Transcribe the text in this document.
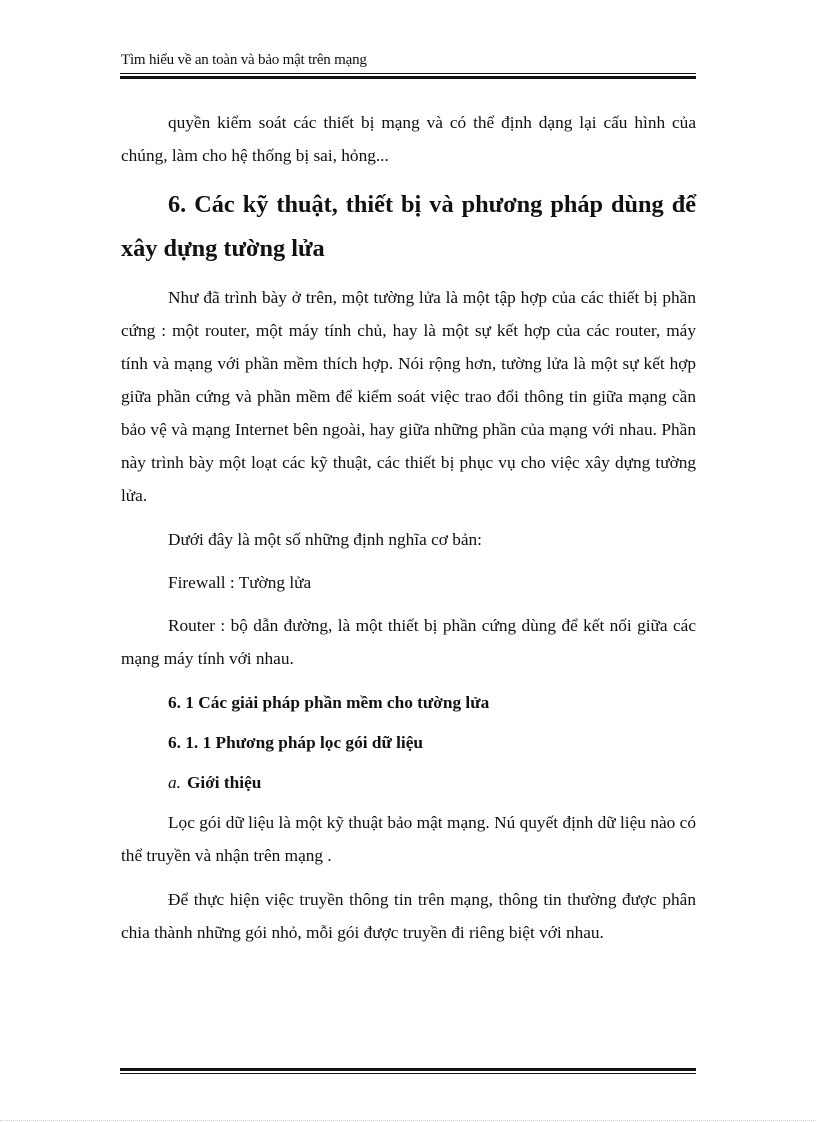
Tìm hiểu về an toàn và bảo mật trên mạng

quyền kiểm soát các thiết bị mạng và có thể định dạng lại cấu hình của chúng, làm cho hệ thống bị sai, hỏng...

6. Các kỹ thuật, thiết bị và phương pháp dùng để xây dựng tường lửa

Như đã trình bày ở trên, một tường lửa là một tập hợp của các thiết bị phần cứng : một router, một máy tính chủ, hay là một sự kết hợp của các router, máy tính và mạng với phần mềm thích hợp. Nói rộng hơn, tường lửa là một sự kết hợp giữa phần cứng và phần mềm để kiểm soát việc trao đổi thông tin giữa mạng cần bảo vệ và mạng Internet bên ngoài, hay giữa những phần của mạng với nhau. Phần này trình bày một loạt các kỹ thuật, các thiết bị phục vụ cho việc xây dựng tường lửa.

Dưới đây là một số những định nghĩa cơ bản:

Firewall : Tường lửa

Router : bộ dẫn đường, là một thiết bị phần cứng dùng để kết nối giữa các mạng máy tính với nhau.

6. 1 Các giải pháp phần mềm cho tường lửa
6. 1. 1 Phương pháp lọc gói dữ liệu
a. Giới thiệu

Lọc gói dữ liệu là một kỹ thuật bảo mật mạng. Nú quyết định dữ liệu nào có thể truyền và nhận trên mạng .

Để thực hiện việc truyền thông tin trên mạng, thông tin thường được phân chia thành những gói nhỏ, mỗi gói được truyền đi riêng biệt với nhau.
